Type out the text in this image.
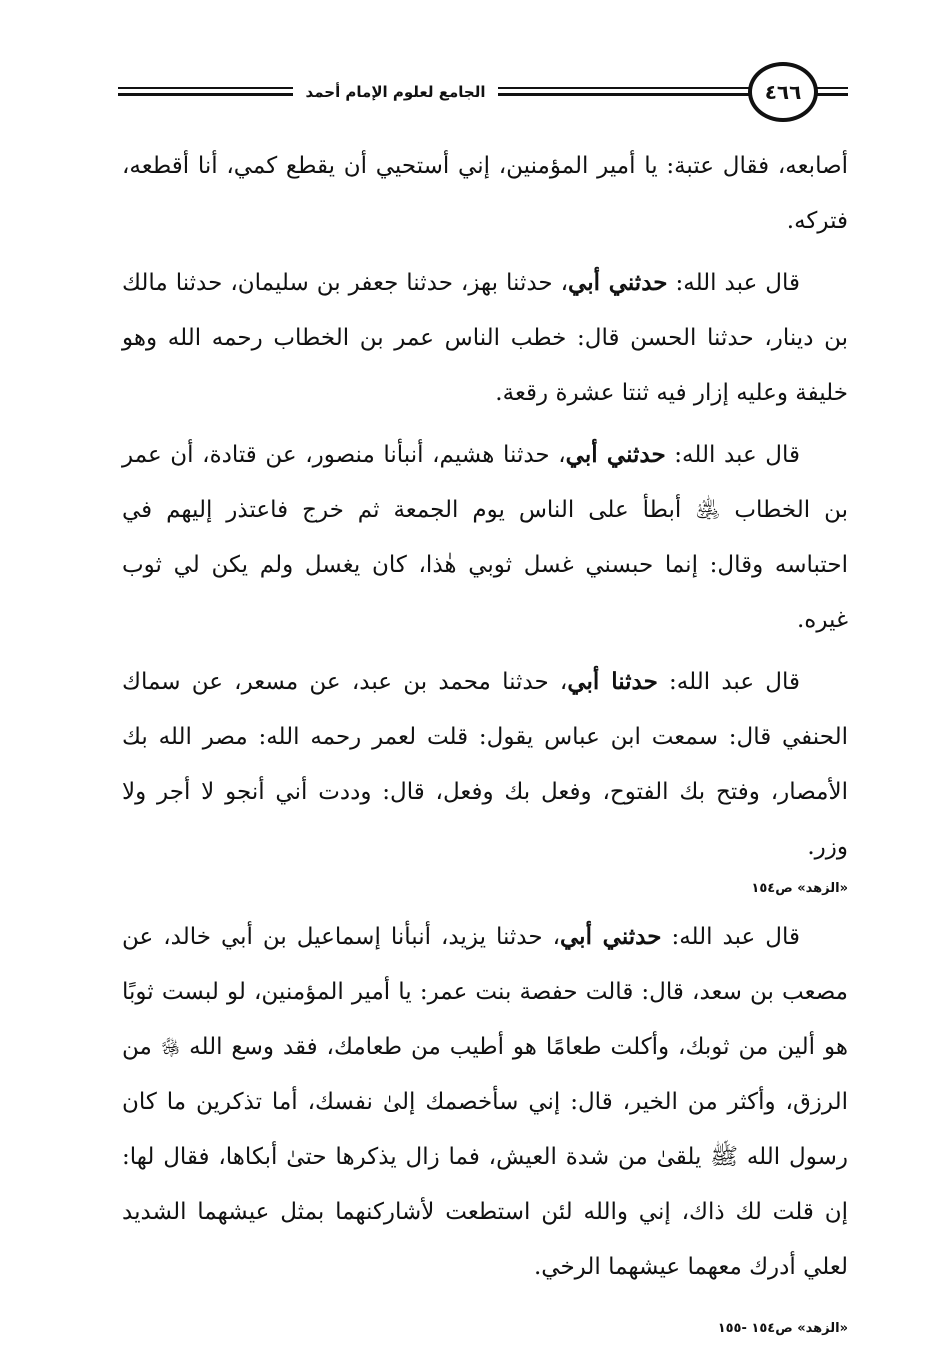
الجامع لعلوم الإمام أحمد	٤٦٦

أصابعه، فقال عتبة: يا أمير المؤمنين، إني أستحيي أن يقطع كمي، أنا أقطعه، فتركه.

قال عبد الله: حدثني أبي، حدثنا بهز، حدثنا جعفر بن سليمان، حدثنا مالك بن دينار، حدثنا الحسن قال: خطب الناس عمر بن الخطاب رحمه الله وهو خليفة وعليه إزار فيه ثنتا عشرة رقعة.

قال عبد الله: حدثني أبي، حدثنا هشيم، أنبأنا منصور، عن قتادة، أن عمر بن الخطاب ﵁ أبطأ على الناس يوم الجمعة ثم خرج فاعتذر إليهم في احتباسه وقال: إنما حبسني غسل ثوبي هٰذا، كان يغسل ولم يكن لي ثوب غيره.

قال عبد الله: حدثنا أبي، حدثنا محمد بن عبد، عن مسعر، عن سماك الحنفي قال: سمعت ابن عباس يقول: قلت لعمر رحمه الله: مصر الله بك الأمصار، وفتح بك الفتوح، وفعل بك وفعل، قال: وددت أني أنجو لا أجر ولا وزر.

«الزهد» ص١٥٤

قال عبد الله: حدثني أبي، حدثنا يزيد، أنبأنا إسماعيل بن أبي خالد، عن مصعب بن سعد، قال: قالت حفصة بنت عمر: يا أمير المؤمنين، لو لبست ثوبًا هو ألين من ثوبك، وأكلت طعامًا هو أطيب من طعامك، فقد وسع الله ﷿ من الرزق، وأكثر من الخير، قال: إني سأخصمك إلىٰ نفسك، أما تذكرين ما كان رسول الله ﷺ يلقىٰ من شدة العيش، فما زال يذكرها حتىٰ أبكاها، فقال لها: إن قلت لك ذاك، إني والله لئن استطعت لأشاركنهما بمثل عيشهما الشديد لعلي أدرك معهما عيشهما الرخي.

«الزهد» ص١٥٤ -١٥٥
